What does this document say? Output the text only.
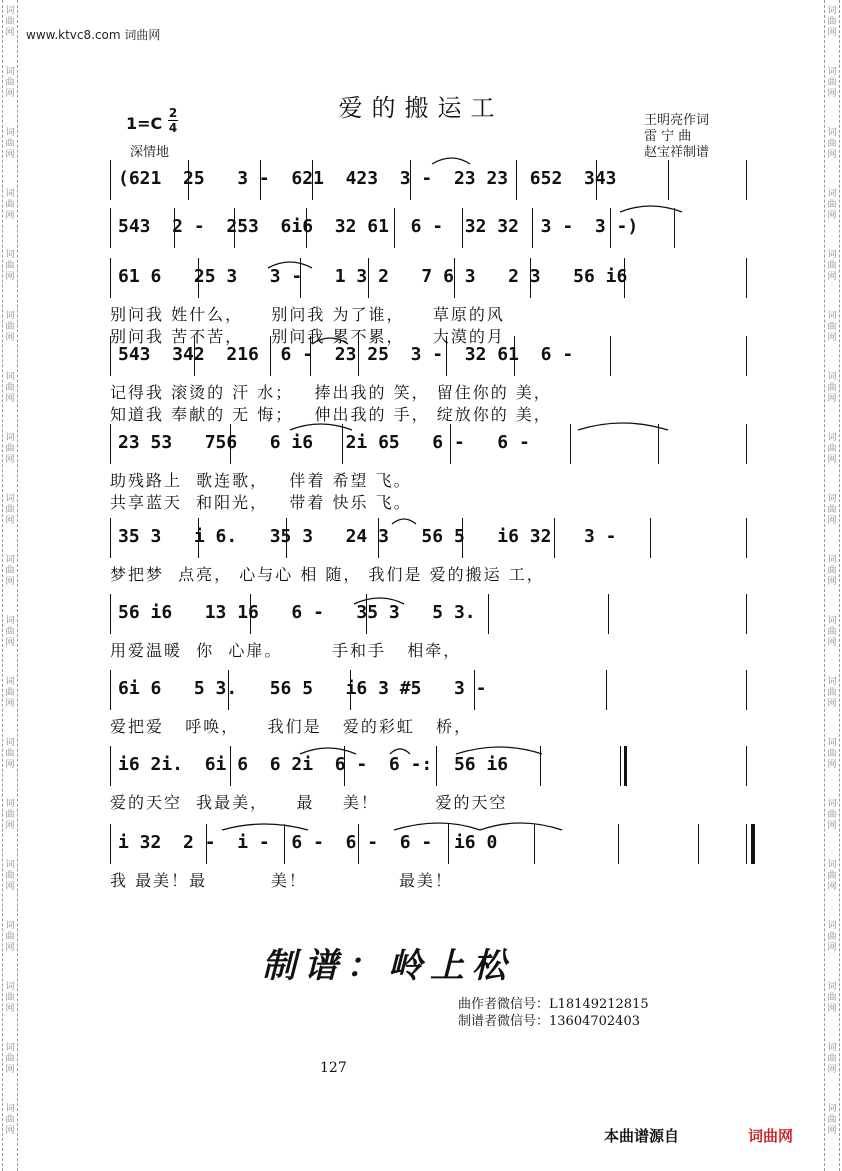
词
曲
网
词
曲
网
词
曲
网
词
曲
网
词
曲
网
词
曲
网
词
曲
网
词
曲
网
词
曲
网
词
曲
网
词
曲
网
词
曲
网
词
曲
网
词
曲
网
词
曲
网
词
曲
网
词
曲
网
词
曲
网
词
曲
网
词
曲
网
词
曲
网
词
曲
网
词
曲
网
词
曲
网
词
曲
网
词
曲
网
词
曲
网
词
曲
网
词
曲
网
词
曲
网
词
曲
网
词
曲
网
词
曲
网
词
曲
网
词
曲
网
词
曲
网
词
曲
网
词
曲
网
www.ktvc8.com 词曲网
爱的搬运工
1=C
2
4
深情地
王明亮作词
雷 宁 曲
赵宝祥制谱
(621  25   3 -  621  423  3 -  23 23  652  343
543  2 -  253  6i6  32 61  6 -  32 32  3 -  3 -)
61 6   25 3   3 -   1 3 2   7 6 3   2 3   56 i6
别问我 姓什么，    别问我 为了谁，    草原的风
别问我 苦不苦，    别问我 累不累，    大漠的月
543  342  216  6 -  23 25  3 -  32 61  6 -
记得我 滚烫的 汗 水；   捧出我的 笑， 留住你的 美，
知道我 奉献的 无 悔；   伸出我的 手， 绽放你的 美，
23 53   756   6 i6   2i 65   6 -   6 -
助残路上  歌连歌，   伴着 希望 飞。
共享蓝天  和阳光，   带着 快乐 飞。
35 3   i 6.   35 3   24 3   56 5   i6 32   3 -
梦把梦  点亮， 心与心 相 随， 我们是 爱的搬运 工，
56 i6   13 16   6 -   35 3   5 3.
用爱温暖  你  心扉。       手和手   相牵，
6i 6   5 3.   56 5   i6 3 #5   3 -
爱把爱   呼唤，    我们是   爱的彩虹   桥，
i6 2i.  6i 6  6 2i  6 -  6 -:  56 i6
爱的天空  我最美，    最    美！        爱的天空
i 32  2 -  i -  6 -  6 -  6 -  i6 0
我 最美！最         美！             最美！
制谱：岭上松
曲作者微信号：L18149212815
制谱者微信号：13604702403
127
本曲谱源自	词曲网
